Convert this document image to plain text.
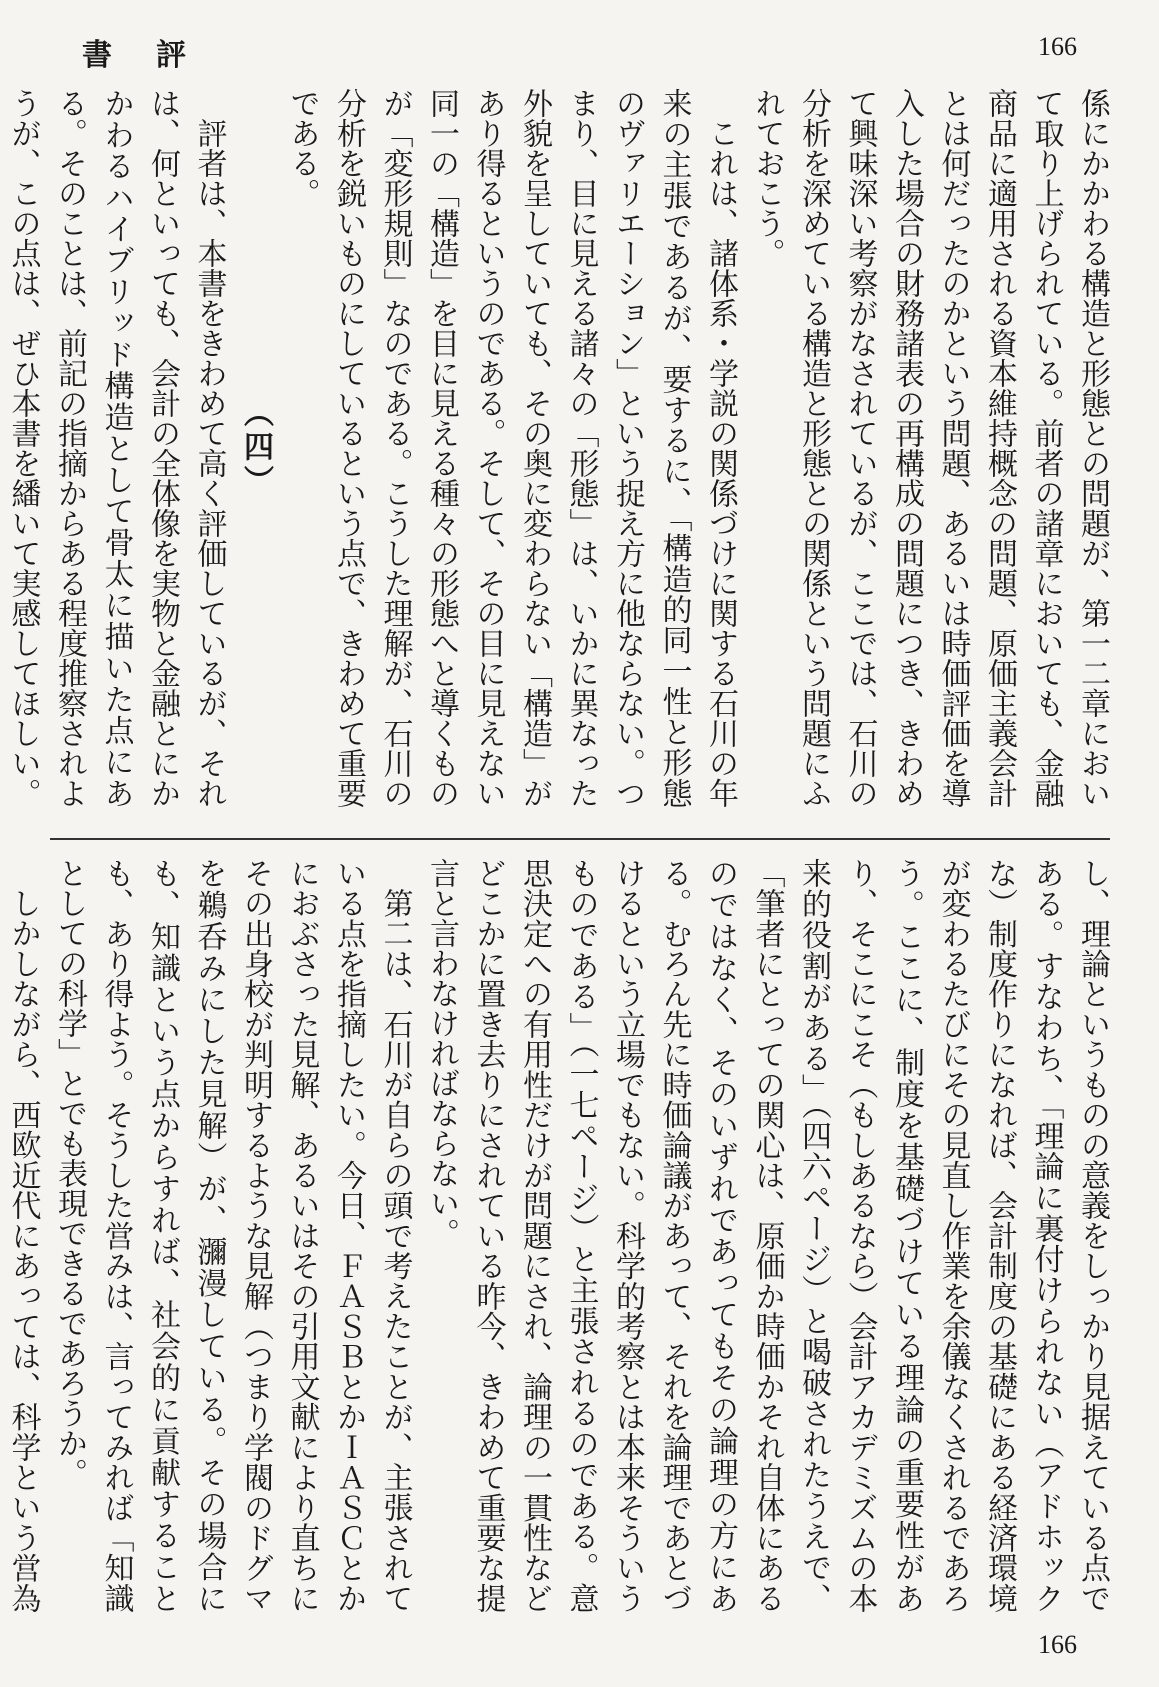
書評	166

係にかかわる構造と形態との問題が、第一二章において取り上げられている。前者の諸章においても、金融商品に適用される資本維持概念の問題、原価主義会計とは何だったのかという問題、あるいは時価評価を導入した場合の財務諸表の再構成の問題につき、きわめて興味深い考察がなされているが、ここでは、石川の分析を深めている構造と形態との関係という問題にふれておこう。

これは、諸体系・学説の関係づけに関する石川の年来の主張であるが、要するに、「構造的同一性と形態のヴァリエーション」という捉え方に他ならない。つまり、目に見える諸々の「形態」は、いかに異なった外貌を呈していても、その奥に変わらない「構造」があり得るというのである。そして、その目に見えない同一の「構造」を目に見える種々の形態へと導くものが「変形規則」なのである。こうした理解が、石川の分析を鋭いものにしているという点で、きわめて重要である。

（四）

評者は、本書をきわめて高く評価しているが、それは、何といっても、会計の全体像を実物と金融とにかかわるハイブリッド構造として骨太に描いた点にある。そのことは、前記の指摘からある程度推察されようが、この点は、ぜひ本書を繙いて実感してほしい。

し、理論というものの意義をしっかり見据えている点である。すなわち、「理論に裏付けられない（アドホックな）制度作りになれば、会計制度の基礎にある経済環境が変わるたびにその見直し作業を余儀なくされるであろう。ここに、制度を基礎づけている理論の重要性があり、そこにこそ（もしあるなら）会計アカデミズムの本来的役割がある」（四六ページ）と喝破されたうえで、「筆者にとっての関心は、原価か時価かそれ自体にあるのではなく、そのいずれであってもその論理の方にある。むろん先に時価論議があって、それを論理であとづけるという立場でもない。科学的考察とは本来そういうものである」（一七ページ）と主張されるのである。意思決定への有用性だけが問題にされ、論理の一貫性などどこかに置き去りにされている昨今、きわめて重要な提言と言わなければならない。

第二は、石川が自らの頭で考えたことが、主張されている点を指摘したい。今日、ＦＡＳＢとかＩＡＳＣとかにおぶさった見解、あるいはその引用文献により直ちにその出身校が判明するような見解（つまり学閥のドグマを鵜呑みにした見解）が、瀰漫している。その場合にも、知識という点からすれば、社会的に貢献することも、あり得よう。そうした営みは、言ってみれば「知識としての科学」とでも表現できるであろうか。

しかしながら、西欧近代にあっては、科学という営為

166
